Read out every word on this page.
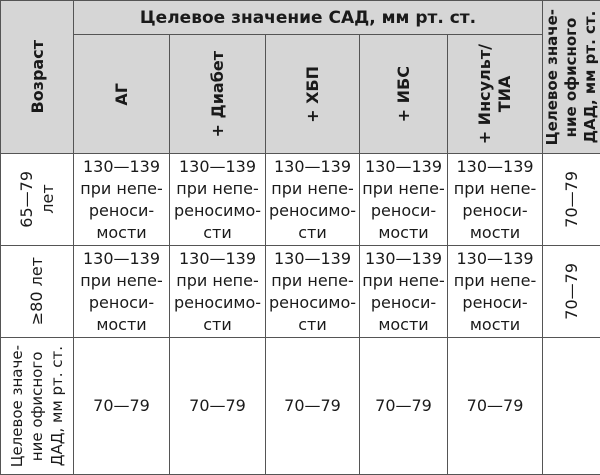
Возраст	Целевое значение САД, мм рт. ст.					Целевое значе-
ние офисного
ДАД, мм рт. ст.

	АГ	+ Диабет	+ ХБП	+ ИБС	+ Инсульт/
ТИА	

65—79
лет	130—139
при непе-
реноси-
мости	130—139
при непе-
реносимо-
сти	130—139
при непе-
реносимо-
сти	130—139
при непе-
реноси-
мости	130—139
при непе-
реноси-
мости	70—79

≥80 лет	130—139
при непе-
реноси-
мости	130—139
при непе-
реносимо-
сти	130—139
при непе-
реносимо-
сти	130—139
при непе-
реноси-
мости	130—139
при непе-
реноси-
мости	70—79

Целевое значе-
ние офисного
ДАД, мм рт. ст.	70—79	70—79	70—79	70—79	70—79	
